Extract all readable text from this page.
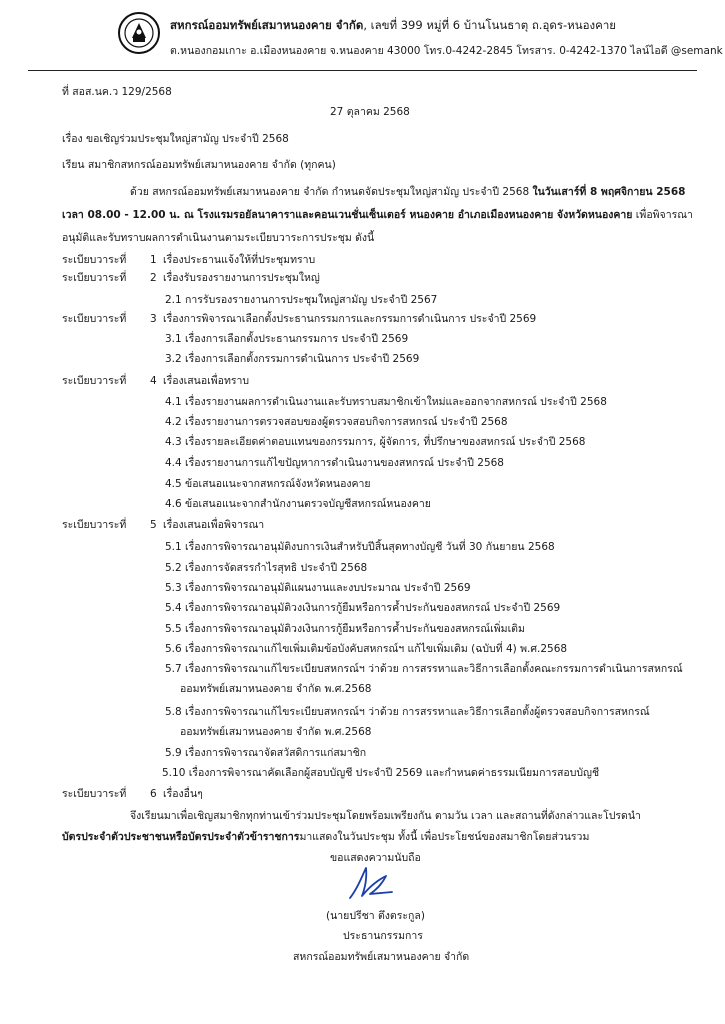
สหกรณ์ออมทรัพย์เสมาหนองคาย จำกัด, เลขที่ 399 หมู่ที่ 6 บ้านโนนธาตุ ถ.อุดร-หนองคาย
ต.หนองกอมเกาะ อ.เมืองหนองคาย จ.หนองคาย 43000 โทร.0-4242-2845 โทรสาร. 0-4242-1370 ไลน์ไอดี @semank
ที่ สอส.นค.ว 129/2568
27 ตุลาคม 2568
เรื่อง ขอเชิญร่วมประชุมใหญ่สามัญ ประจำปี 2568
เรียน สมาชิกสหกรณ์ออมทรัพย์เสมาหนองคาย จำกัด (ทุกคน)
ด้วย สหกรณ์ออมทรัพย์เสมาหนองคาย จำกัด กำหนดจัดประชุมใหญ่สามัญ ประจำปี 2568 ในวันเสาร์ที่ 8 พฤศจิกายน 2568
เวลา 08.00 - 12.00 น. ณ โรงแรมรอยัลนาคาราและคอนเวนชั่นเซ็นเตอร์ หนองคาย อำเภอเมืองหนองคาย จังหวัดหนองคาย เพื่อพิจารณา
อนุมัติและรับทราบผลการดำเนินงานตามระเบียบวาระการประชุม ดังนี้
ระเบียบวาระที่ 1 เรื่องประธานแจ้งให้ที่ประชุมทราบ
ระเบียบวาระที่ 2 เรื่องรับรองรายงานการประชุมใหญ่
2.1 การรับรองรายงานการประชุมใหญ่สามัญ ประจำปี 2567
ระเบียบวาระที่ 3 เรื่องการพิจารณาเลือกตั้งประธานกรรมการและกรรมการดำเนินการ ประจำปี 2569
3.1 เรื่องการเลือกตั้งประธานกรรมการ ประจำปี 2569
3.2 เรื่องการเลือกตั้งกรรมการดำเนินการ ประจำปี 2569
ระเบียบวาระที่ 4 เรื่องเสนอเพื่อทราบ
4.1 เรื่องรายงานผลการดำเนินงานและรับทราบสมาชิกเข้าใหม่และออกจากสหกรณ์ ประจำปี 2568
4.2 เรื่องรายงานการตรวจสอบของผู้ตรวจสอบกิจการสหกรณ์ ประจำปี 2568
4.3 เรื่องรายละเอียดค่าตอบแทนของกรรมการ, ผู้จัดการ, ที่ปรึกษาของสหกรณ์ ประจำปี 2568
4.4 เรื่องรายงานการแก้ไขปัญหาการดำเนินงานของสหกรณ์ ประจำปี 2568
4.5 ข้อเสนอแนะจากสหกรณ์จังหวัดหนองคาย
4.6 ข้อเสนอแนะจากสำนักงานตรวจบัญชีสหกรณ์หนองคาย
ระเบียบวาระที่ 5 เรื่องเสนอเพื่อพิจารณา
5.1 เรื่องการพิจารณาอนุมัติงบการเงินสำหรับปีสิ้นสุดทางบัญชี วันที่ 30 กันยายน 2568
5.2 เรื่องการจัดสรรกำไรสุทธิ ประจำปี 2568
5.3 เรื่องการพิจารณาอนุมัติแผนงานและงบประมาณ ประจำปี 2569
5.4 เรื่องการพิจารณาอนุมัติวงเงินการกู้ยืมหรือการค้ำประกันของสหกรณ์ ประจำปี 2569
5.5 เรื่องการพิจารณาอนุมัติวงเงินการกู้ยืมหรือการค้ำประกันของสหกรณ์เพิ่มเติม
5.6 เรื่องการพิจารณาแก้ไขเพิ่มเติมข้อบังคับสหกรณ์ฯ แก้ไขเพิ่มเติม (ฉบับที่ 4) พ.ศ.2568
5.7 เรื่องการพิจารณาแก้ไขระเบียบสหกรณ์ฯ ว่าด้วย การสรรหาและวิธีการเลือกตั้งคณะกรรมการดำเนินการสหกรณ์
ออมทรัพย์เสมาหนองคาย จำกัด พ.ศ.2568
5.8 เรื่องการพิจารณาแก้ไขระเบียบสหกรณ์ฯ ว่าด้วย การสรรหาและวิธีการเลือกตั้งผู้ตรวจสอบกิจการสหกรณ์
ออมทรัพย์เสมาหนองคาย จำกัด พ.ศ.2568
5.9 เรื่องการพิจารณาจัดสวัสดิการแก่สมาชิก
5.10 เรื่องการพิจารณาคัดเลือกผู้สอบบัญชี ประจำปี 2569 และกำหนดค่าธรรมเนียมการสอบบัญชี
ระเบียบวาระที่ 6 เรื่องอื่นๆ
จึงเรียนมาเพื่อเชิญสมาชิกทุกท่านเข้าร่วมประชุมโดยพร้อมเพรียงกัน ตามวัน เวลา และสถานที่ดังกล่าวและโปรดนำ
บัตรประจำตัวประชาชนหรือบัตรประจำตัวข้าราชการมาแสดงในวันประชุม ทั้งนี้ เพื่อประโยชน์ของสมาชิกโดยส่วนรวม
ขอแสดงความนับถือ
(นายปรีชา ตึงตระกูล)
ประธานกรรมการ
สหกรณ์ออมทรัพย์เสมาหนองคาย จำกัด
